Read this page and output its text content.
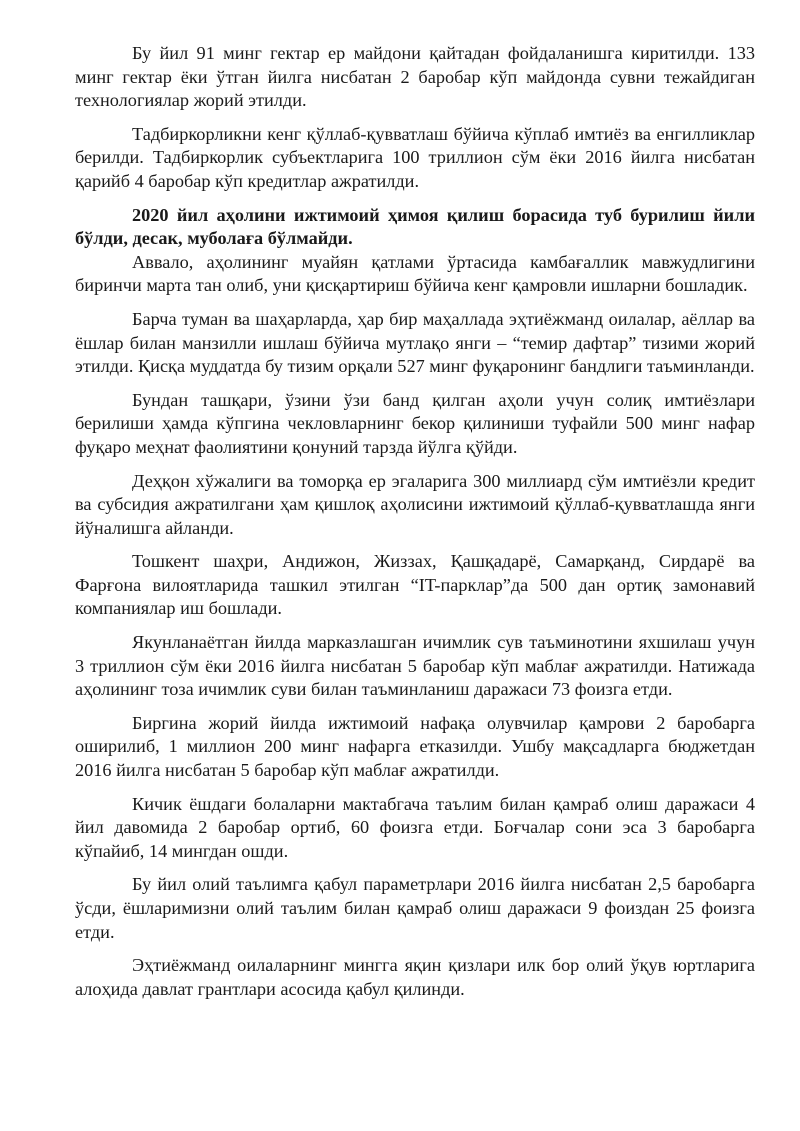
Бу йил 91 минг гектар ер майдони қайтадан фойдаланишга киритилди. 133 минг гектар ёки ўтган йилга нисбатан 2 баробар кўп майдонда сувни тежайдиган технологиялар жорий этилди.

Тадбиркорликни кенг қўллаб-қувватлаш бўйича кўплаб имтиёз ва енгилликлар берилди. Тадбиркорлик субъектларига 100 триллион сўм ёки 2016 йилга нисбатан қарийб 4 баробар кўп кредитлар ажратилди.

2020 йил аҳолини ижтимоий ҳимоя қилиш борасида туб бурилиш йили бўлди, десак, муболаға бўлмайди.

Аввало, аҳолининг муайян қатлами ўртасида камбағаллик мавжудлигини биринчи марта тан олиб, уни қисқартириш бўйича кенг қамровли ишларни бошладик.

Барча туман ва шаҳарларда, ҳар бир маҳаллада эҳтиёжманд оилалар, аёллар ва ёшлар билан манзилли ишлаш бўйича мутлақо янги – “темир дафтар” тизими жорий этилди. Қисқа муддатда бу тизим орқали 527 минг фуқаронинг бандлиги таъминланди.

Бундан ташқари, ўзини ўзи банд қилган аҳоли учун солиқ имтиёзлари берилиши ҳамда кўпгина чекловларнинг бекор қилиниши туфайли 500 минг нафар фуқаро меҳнат фаолиятини қонуний тарзда йўлга қўйди.

Деҳқон хўжалиги ва томорқа ер эгаларига 300 миллиард сўм имтиёзли кредит ва субсидия ажратилгани ҳам қишлоқ аҳолисини ижтимоий қўллаб-қувватлашда янги йўналишга айланди.

Тошкент шаҳри, Андижон, Жиззах, Қашқадарё, Самарқанд, Сирдарё ва Фарғона вилоятларида ташкил этилган “IT-парклар”да 500 дан ортиқ замонавий компаниялар иш бошлади.

Якунланаётган йилда марказлашган ичимлик сув таъминотини яхшилаш учун 3 триллион сўм ёки 2016 йилга нисбатан 5 баробар кўп маблағ ажратилди. Натижада аҳолининг тоза ичимлик суви билан таъминланиш даражаси 73 фоизга етди.

Биргина жорий йилда ижтимоий нафақа олувчилар қамрови 2 баробарга оширилиб, 1 миллион 200 минг нафарга етказилди. Ушбу мақсадларга бюджетдан 2016 йилга нисбатан 5 баробар кўп маблағ ажратилди.

Кичик ёшдаги болаларни мактабгача таълим билан қамраб олиш даражаси 4 йил давомида 2 баробар ортиб, 60 фоизга етди. Боғчалар сони эса 3 баробарга кўпайиб, 14 мингдан ошди.

Бу йил олий таълимга қабул параметрлари 2016 йилга нисбатан 2,5 баробарга ўсди, ёшларимизни олий таълим билан қамраб олиш даражаси 9 фоиздан 25 фоизга етди.

Эҳтиёжманд оилаларнинг мингга яқин қизлари илк бор олий ўқув юртларига алоҳида давлат грантлари асосида қабул қилинди.
